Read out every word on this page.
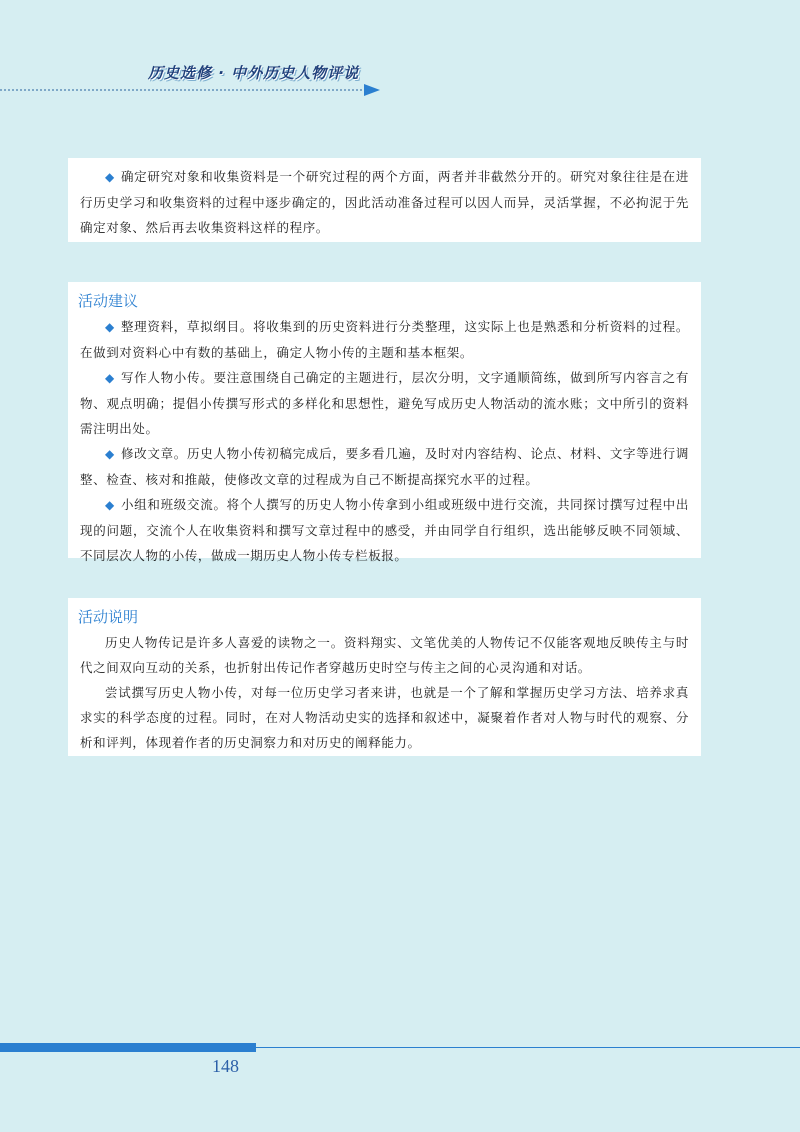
历史选修 · 中外历史人物评说

◆ 确定研究对象和收集资料是一个研究过程的两个方面，两者并非截然分开的。研究对象往往是在进行历史学习和收集资料的过程中逐步确定的，因此活动准备过程可以因人而异，灵活掌握，不必拘泥于先确定对象、然后再去收集资料这样的程序。

活动建议

◆ 整理资料，草拟纲目。将收集到的历史资料进行分类整理，这实际上也是熟悉和分析资料的过程。在做到对资料心中有数的基础上，确定人物小传的主题和基本框架。

◆ 写作人物小传。要注意围绕自己确定的主题进行，层次分明，文字通顺简练，做到所写内容言之有物、观点明确；提倡小传撰写形式的多样化和思想性，避免写成历史人物活动的流水账；文中所引的资料需注明出处。

◆ 修改文章。历史人物小传初稿完成后，要多看几遍，及时对内容结构、论点、材料、文字等进行调整、检查、核对和推敲，使修改文章的过程成为自己不断提高探究水平的过程。

◆ 小组和班级交流。将个人撰写的历史人物小传拿到小组或班级中进行交流，共同探讨撰写过程中出现的问题，交流个人在收集资料和撰写文章过程中的感受，并由同学自行组织，选出能够反映不同领域、不同层次人物的小传，做成一期历史人物小传专栏板报。

活动说明

历史人物传记是许多人喜爱的读物之一。资料翔实、文笔优美的人物传记不仅能客观地反映传主与时代之间双向互动的关系，也折射出传记作者穿越历史时空与传主之间的心灵沟通和对话。

尝试撰写历史人物小传，对每一位历史学习者来讲，也就是一个了解和掌握历史学习方法、培养求真求实的科学态度的过程。同时，在对人物活动史实的选择和叙述中，凝聚着作者对人物与时代的观察、分析和评判，体现着作者的历史洞察力和对历史的阐释能力。

148
